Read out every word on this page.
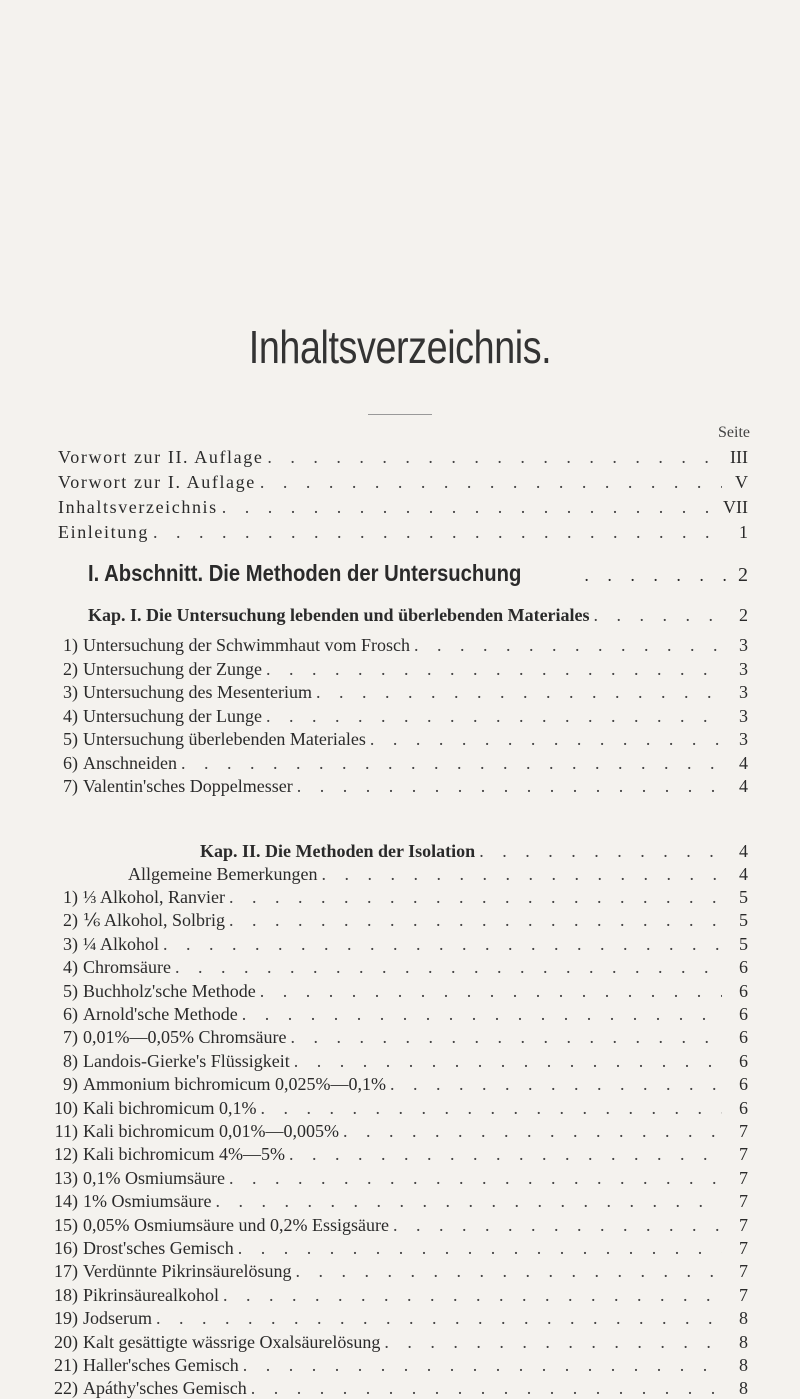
Inhaltsverzeichnis.
Seite
Vorwort zur II. Auflage . . .	III
Vorwort zur I. Auflage . . .	V
Inhaltsverzeichnis . . .	VII
Einleitung . . .	1
I. Abschnitt. Die Methoden der Untersuchung . . .	2
Kap. I. Die Untersuchung lebenden und überlebenden Materiales . . .	2
1) Untersuchung der Schwimmhaut vom Frosch . . .	3
2) Untersuchung der Zunge . . .	3
3) Untersuchung des Mesenterium . . .	3
4) Untersuchung der Lunge . . .	3
5) Untersuchung überlebenden Materiales . . .	3
6) Anschneiden . . .	4
7) Valentin'sches Doppelmesser . . .	4
Kap. II. Die Methoden der Isolation . . .	4
Allgemeine Bemerkungen . . .	4
1) ⅓ Alkohol, Ranvier . . .	5
2) ⅙ Alkohol, Solbrig . . .	5
3) ¼ Alkohol . . .	5
4) Chromsäure . . .	6
5) Buchholz'sche Methode . . .	6
6) Arnold'sche Methode . . .	6
7) 0,01%—0,05% Chromsäure . . .	6
8) Landois-Gierke's Flüssigkeit . . .	6
9) Ammonium bichromicum 0,025%—0,1% . . .	6
10) Kali bichromicum 0,1% . . .	6
11) Kali bichromicum 0,01%—0,005% . . .	7
12) Kali bichromicum 4%—5% . . .	7
13) 0,1% Osmiumsäure . . .	7
14) 1% Osmiumsäure . . .	7
15) 0,05% Osmiumsäure und 0,2% Essigsäure . . .	7
16) Drost'sches Gemisch . . .	7
17) Verdünnte Pikrinsäurelösung . . .	7
18) Pikrinsäurealkohol . . .	7
19) Jodserum . . .	8
20) Kalt gesättigte wässrige Oxalsäurelösung . . .	8
21) Haller'sches Gemisch . . .	8
22) Apáthy'sches Gemisch . . .	8
